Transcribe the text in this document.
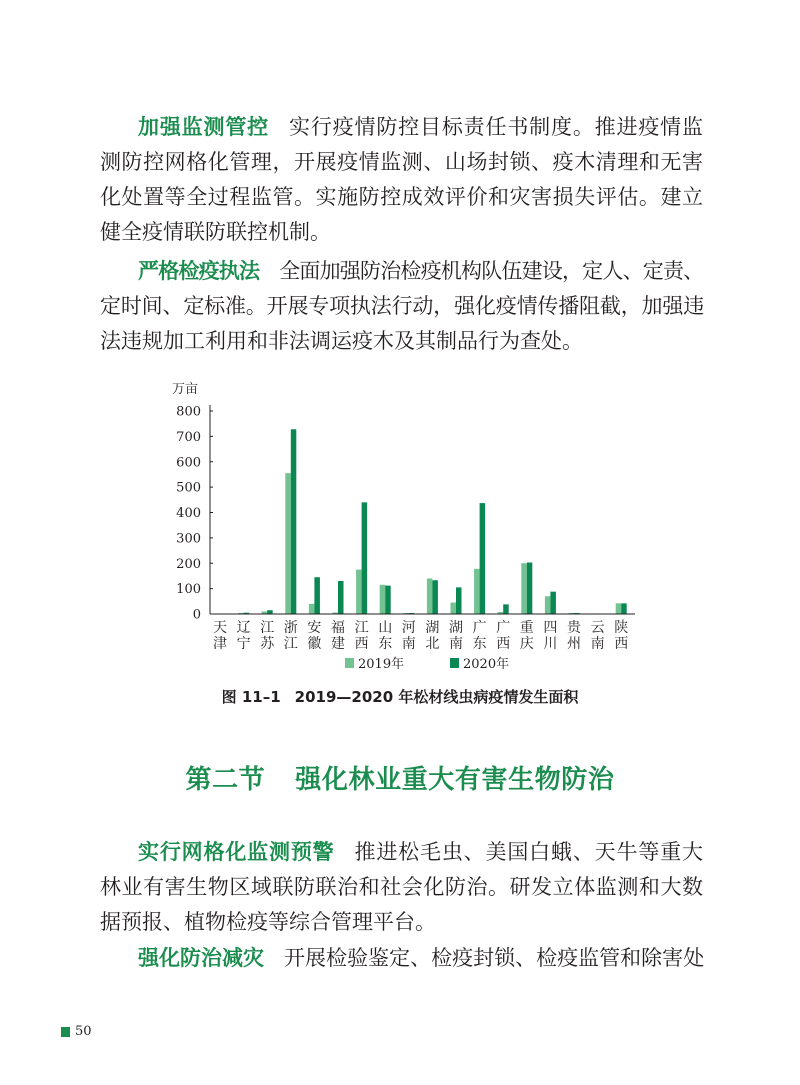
加强监测管控 实行疫情防控目标责任书制度。推进疫情监
测防控网格化管理，开展疫情监测、山场封锁、疫木清理和无害
化处置等全过程监管。实施防控成效评价和灾害损失评估。建立
健全疫情联防联控机制。
严格检疫执法 全面加强防治检疫机构队伍建设，定人、定责、
定时间、定标准。开展专项执法行动，强化疫情传播阻截，加强违
法违规加工利用和非法调运疫木及其制品行为查处。
万亩
0
100
200
300
400
500
600
700
800
天津
辽宁
江苏
浙江
安徽
福建
江西
山东
河南
湖北
湖南
广东
广西
重庆
四川
贵州
云南
陕西
2019年	2020年
图 11–1 2019—2020 年松材线虫病疫情发生面积
第二节 强化林业重大有害生物防治
实行网格化监测预警 推进松毛虫、美国白蛾、天牛等重大
林业有害生物区域联防联治和社会化防治。研发立体监测和大数
据预报、植物检疫等综合管理平台。
强化防治减灾 开展检验鉴定、检疫封锁、检疫监管和除害处
50
